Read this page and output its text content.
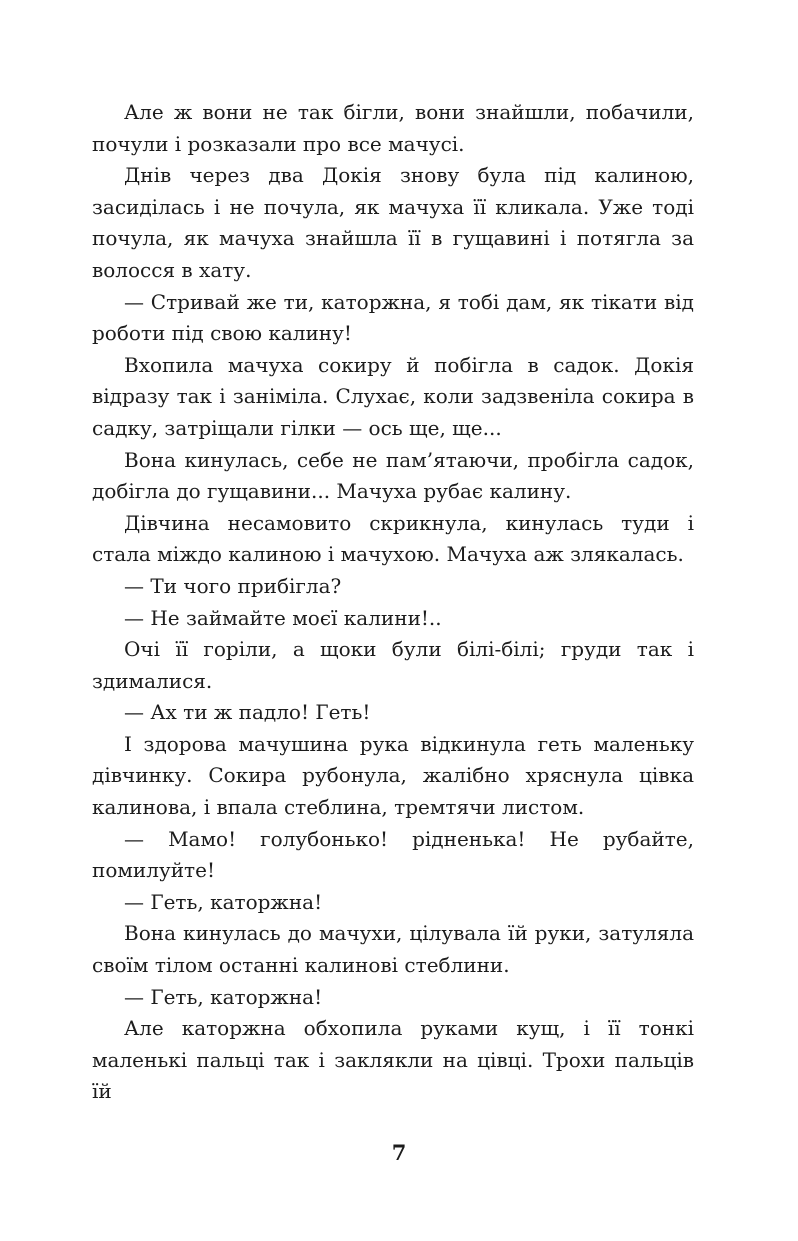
Але ж вони не так бігли, вони знайшли, побачили, почули і розказали про все мачусі.

Днів через два Докія знову була під калиною, засиділась і не почула, як мачуха її кликала. Уже тоді почула, як мачуха знайшла її в гущавині і потягла за волосся в хату.

— Стривай же ти, каторжна, я тобі дам, як тікати від роботи під свою калину!

Вхопила мачуха сокиру й побігла в садок. Докія відразу так і заніміла. Слухає, коли задзвеніла сокира в садку, затріщали гілки — ось ще, ще...

Вона кинулась, себе не пам’ятаючи, пробігла садок, добігла до гущавини... Мачуха рубає калину.

Дівчина несамовито скрикнула, кинулась туди і стала міждо калиною і мачухою. Мачуха аж злякалась.

— Ти чого прибігла?

— Не займайте моєї калини!..

Очі її горіли, а щоки були білі-білі; груди так і здималися.

— Ах ти ж падло! Геть!

І здорова мачушина рука відкинула геть маленьку дівчинку. Сокира рубонула, жалібно хряснула цівка калинова, і впала стеблина, тремтячи листом.

— Мамо! голубонько! рідненька! Не рубайте, помилуйте!

— Геть, каторжна!

Вона кинулась до мачухи, цілувала їй руки, затуляла своїм тілом останні калинові стеблини.

— Геть, каторжна!

Але каторжна обхопила руками кущ, і її тонкі маленькі пальці так і заклякли на цівці. Трохи пальців їй

7
